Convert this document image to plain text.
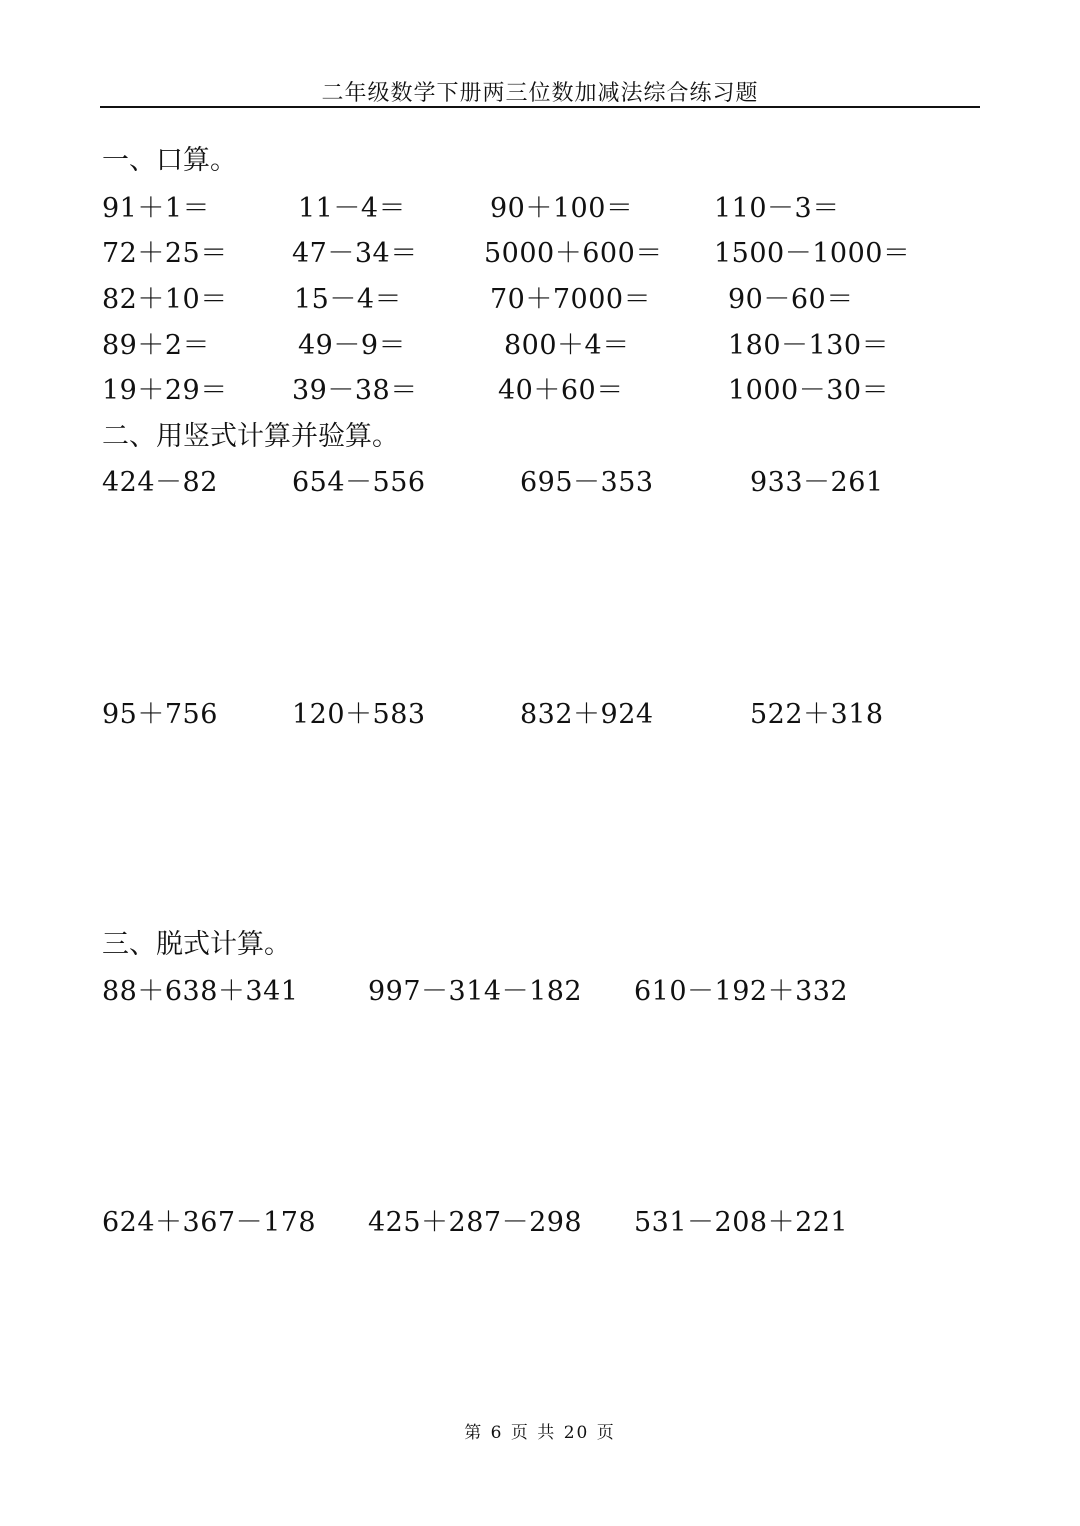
二年级数学下册两三位数加减法综合练习题
一、口算。
91＋1＝	11－4＝	90＋100＝	110－3＝
72＋25＝ 47－34＝ 5000＋600＝ 1500－1000＝
82＋10＝ 15－4＝	70＋7000＝	90－60＝
89＋2＝	49－9＝	800＋4＝	180－130＝
19＋29＝ 39－38＝	40＋60＝	1000－30＝
二、用竖式计算并验算。
424－82	654－556	695－353	933－261
95＋756	120＋583	832＋924	522＋318
三、脱式计算。
88＋638＋341	997－314－182 610－192＋332
624＋367－178 425＋287－298 531－208＋221
第 6 页 共 20 页
